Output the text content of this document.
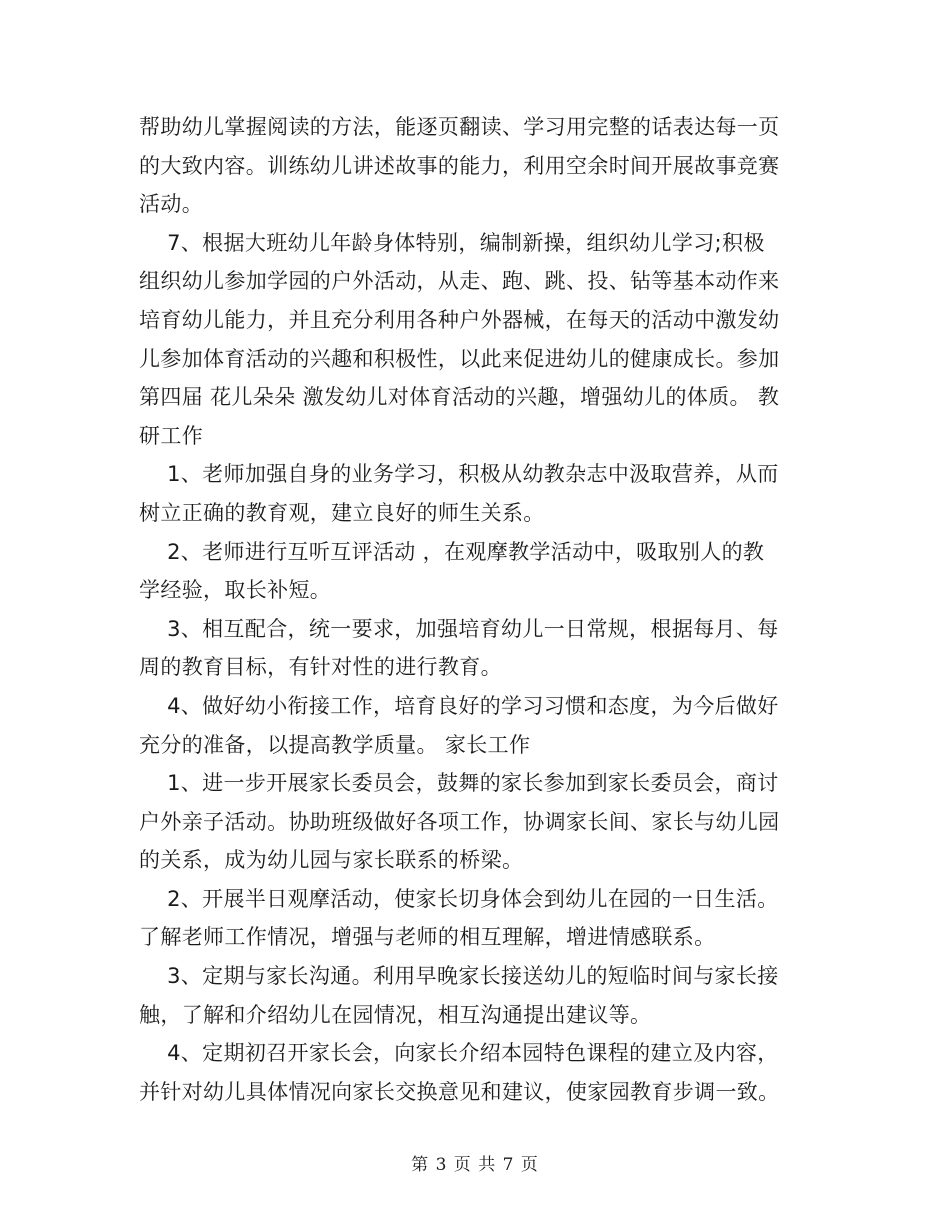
帮助幼儿掌握阅读的方法，能逐页翻读、学习用完整的话表达每一页
的大致内容。训练幼儿讲述故事的能力，利用空余时间开展故事竞赛
活动。
7、根据大班幼儿年龄身体特别，编制新操，组织幼儿学习;积极
组织幼儿参加学园的户外活动，从走、跑、跳、投、钻等基本动作来
培育幼儿能力，并且充分利用各种户外器械，在每天的活动中激发幼
儿参加体育活动的兴趣和积极性，以此来促进幼儿的健康成长。参加
第四届 花儿朵朵 激发幼儿对体育活动的兴趣，增强幼儿的体质。 教
研工作
1、老师加强自身的业务学习，积极从幼教杂志中汲取营养，从而
树立正确的教育观，建立良好的师生关系。
2、老师进行互听互评活动 ，在观摩教学活动中，吸取别人的教
学经验，取长补短。
3、相互配合，统一要求，加强培育幼儿一日常规，根据每月、每
周的教育目标，有针对性的进行教育。
4、做好幼小衔接工作，培育良好的学习习惯和态度，为今后做好
充分的准备，以提高教学质量。 家长工作
1、进一步开展家长委员会，鼓舞的家长参加到家长委员会，商讨
户外亲子活动。协助班级做好各项工作，协调家长间、家长与幼儿园
的关系，成为幼儿园与家长联系的桥梁。
2、开展半日观摩活动，使家长切身体会到幼儿在园的一日生活。
了解老师工作情况，增强与老师的相互理解，增进情感联系。
3、定期与家长沟通。利用早晚家长接送幼儿的短临时间与家长接
触，了解和介绍幼儿在园情况，相互沟通提出建议等。
4、定期初召开家长会，向家长介绍本园特色课程的建立及内容，
并针对幼儿具体情况向家长交换意见和建议，使家园教育步调一致。
第 3 页 共 7 页
